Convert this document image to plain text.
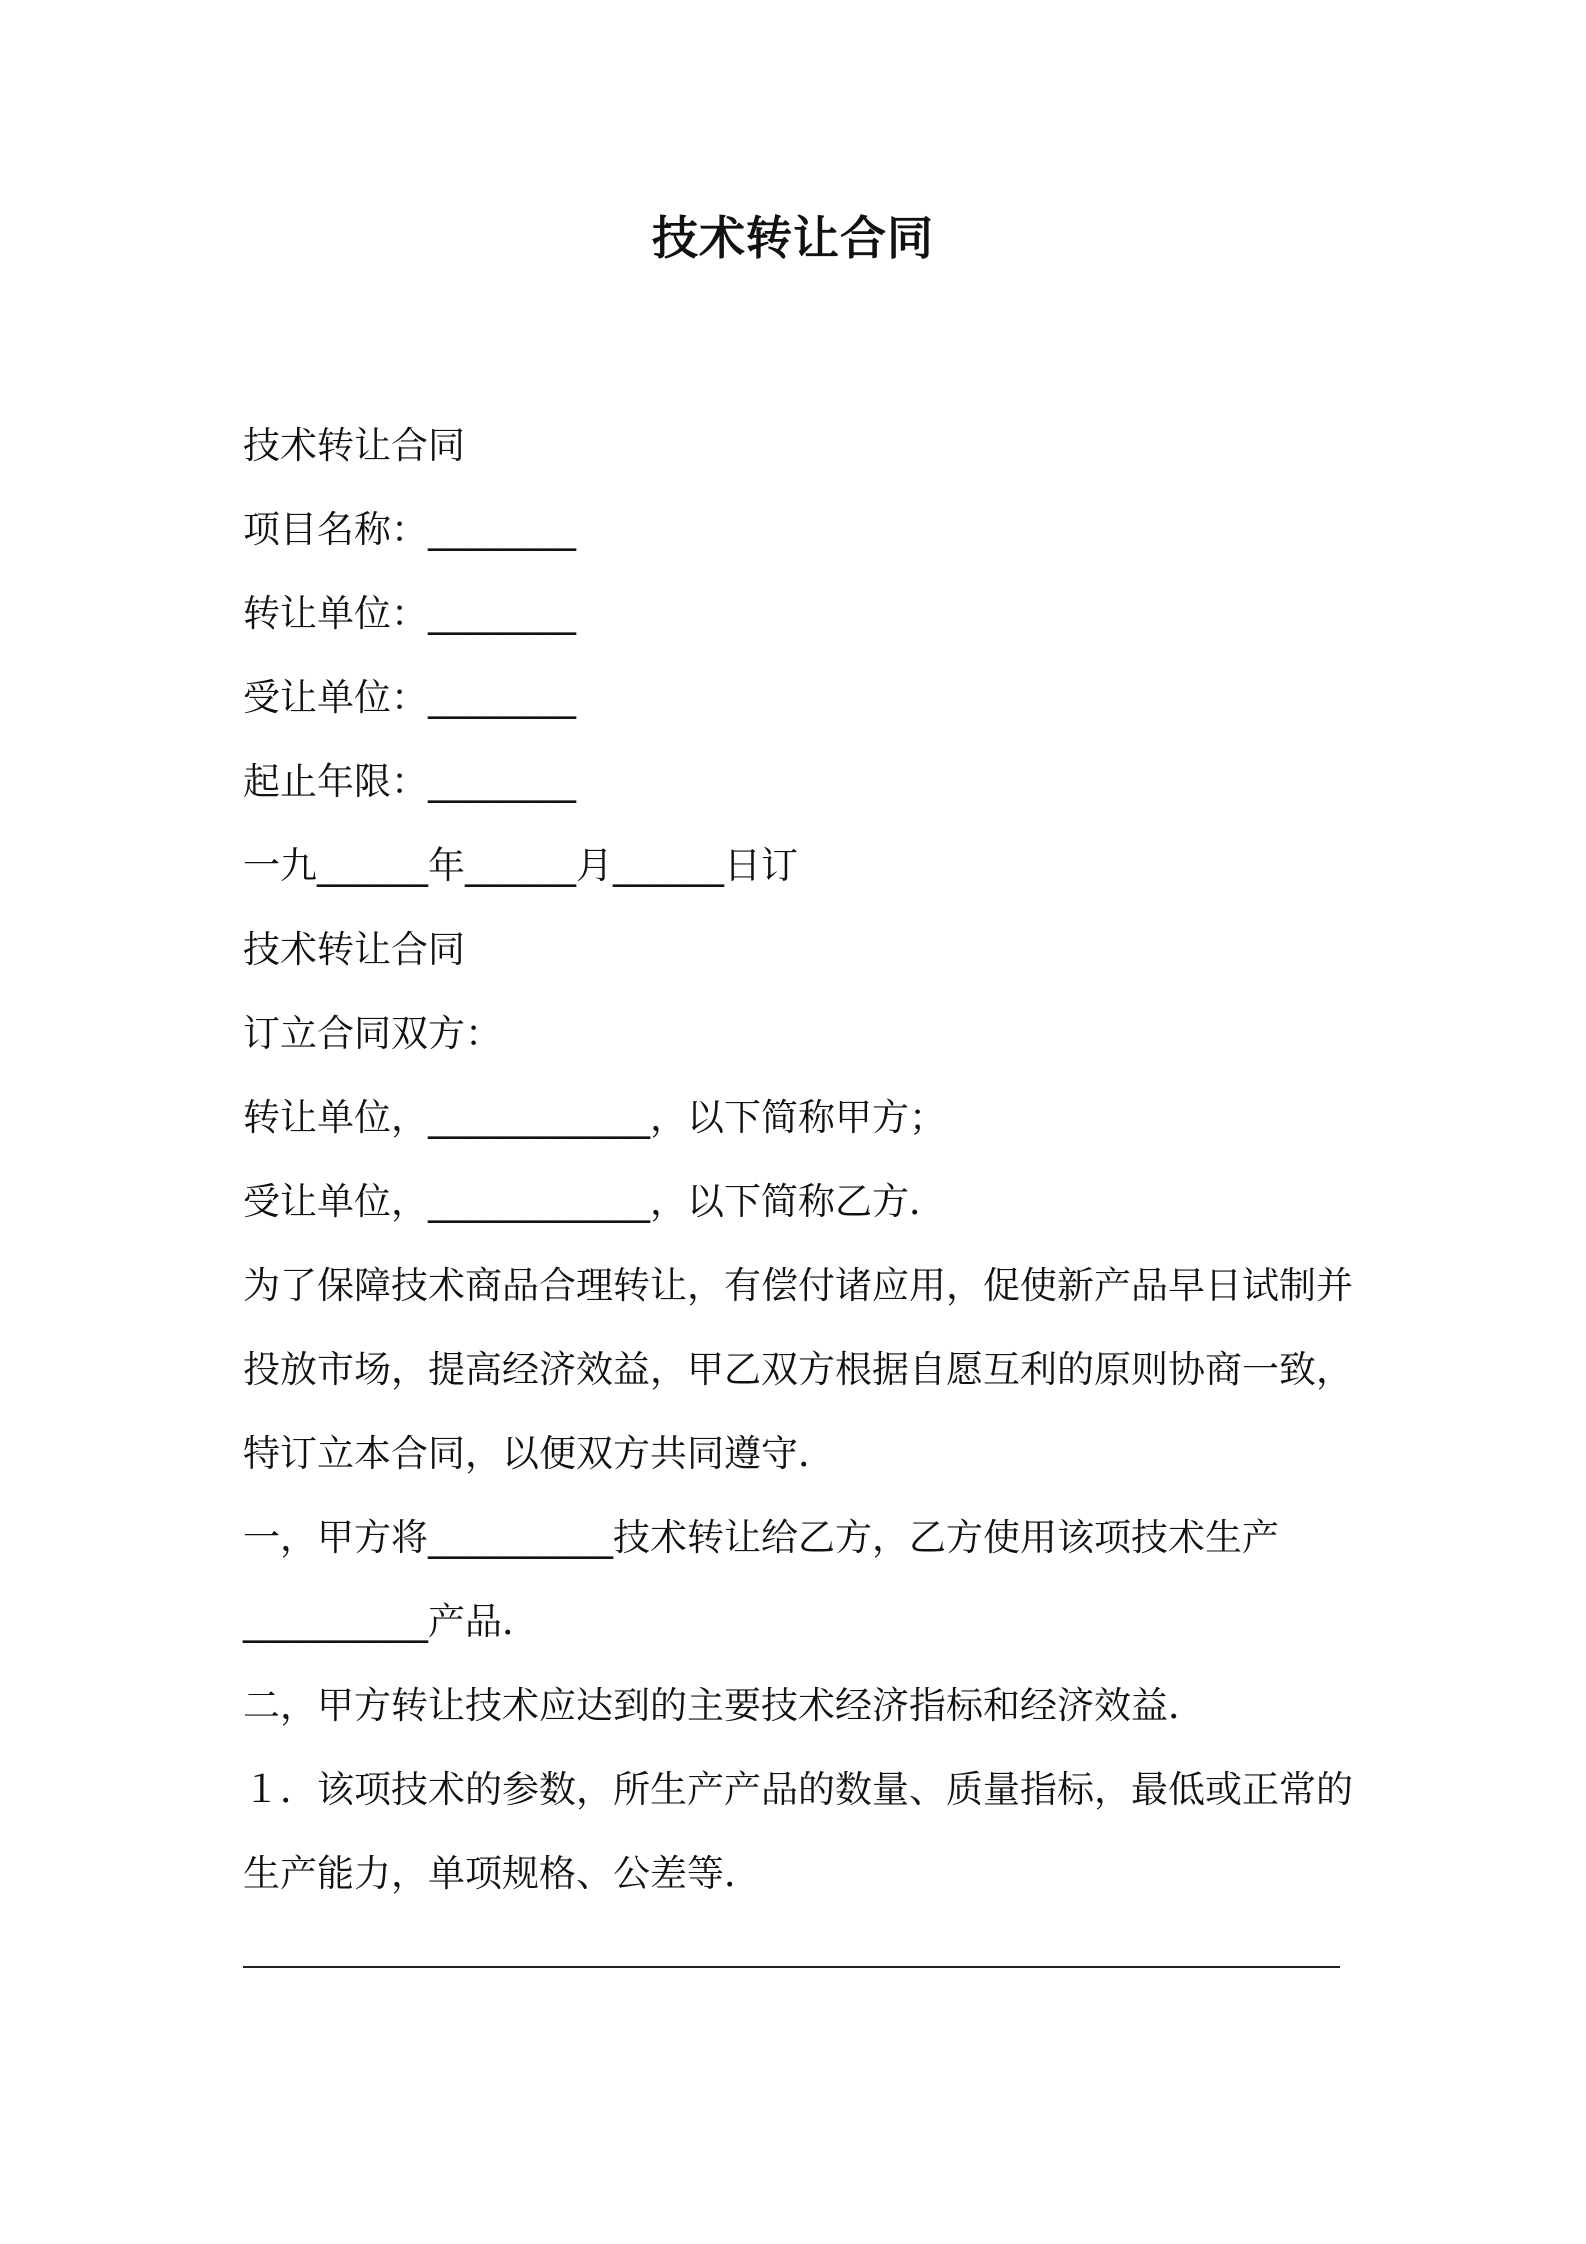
技术转让合同
技术转让合同
项目名称：________
转让单位：________
受让单位：________
起止年限：________
一九______年______月______日订
技术转让合同
订立合同双方：
转让单位，____________，以下简称甲方；
受让单位，____________，以下简称乙方．
为了保障技术商品合理转让，有偿付诸应用，促使新产品早日试制并
投放市场，提高经济效益，甲乙双方根据自愿互利的原则协商一致，
特订立本合同，以便双方共同遵守．
一，甲方将__________技术转让给乙方，乙方使用该项技术生产
__________产品．
二，甲方转让技术应达到的主要技术经济指标和经济效益．
１．该项技术的参数，所生产产品的数量、质量指标，最低或正常的
生产能力，单项规格、公差等．
